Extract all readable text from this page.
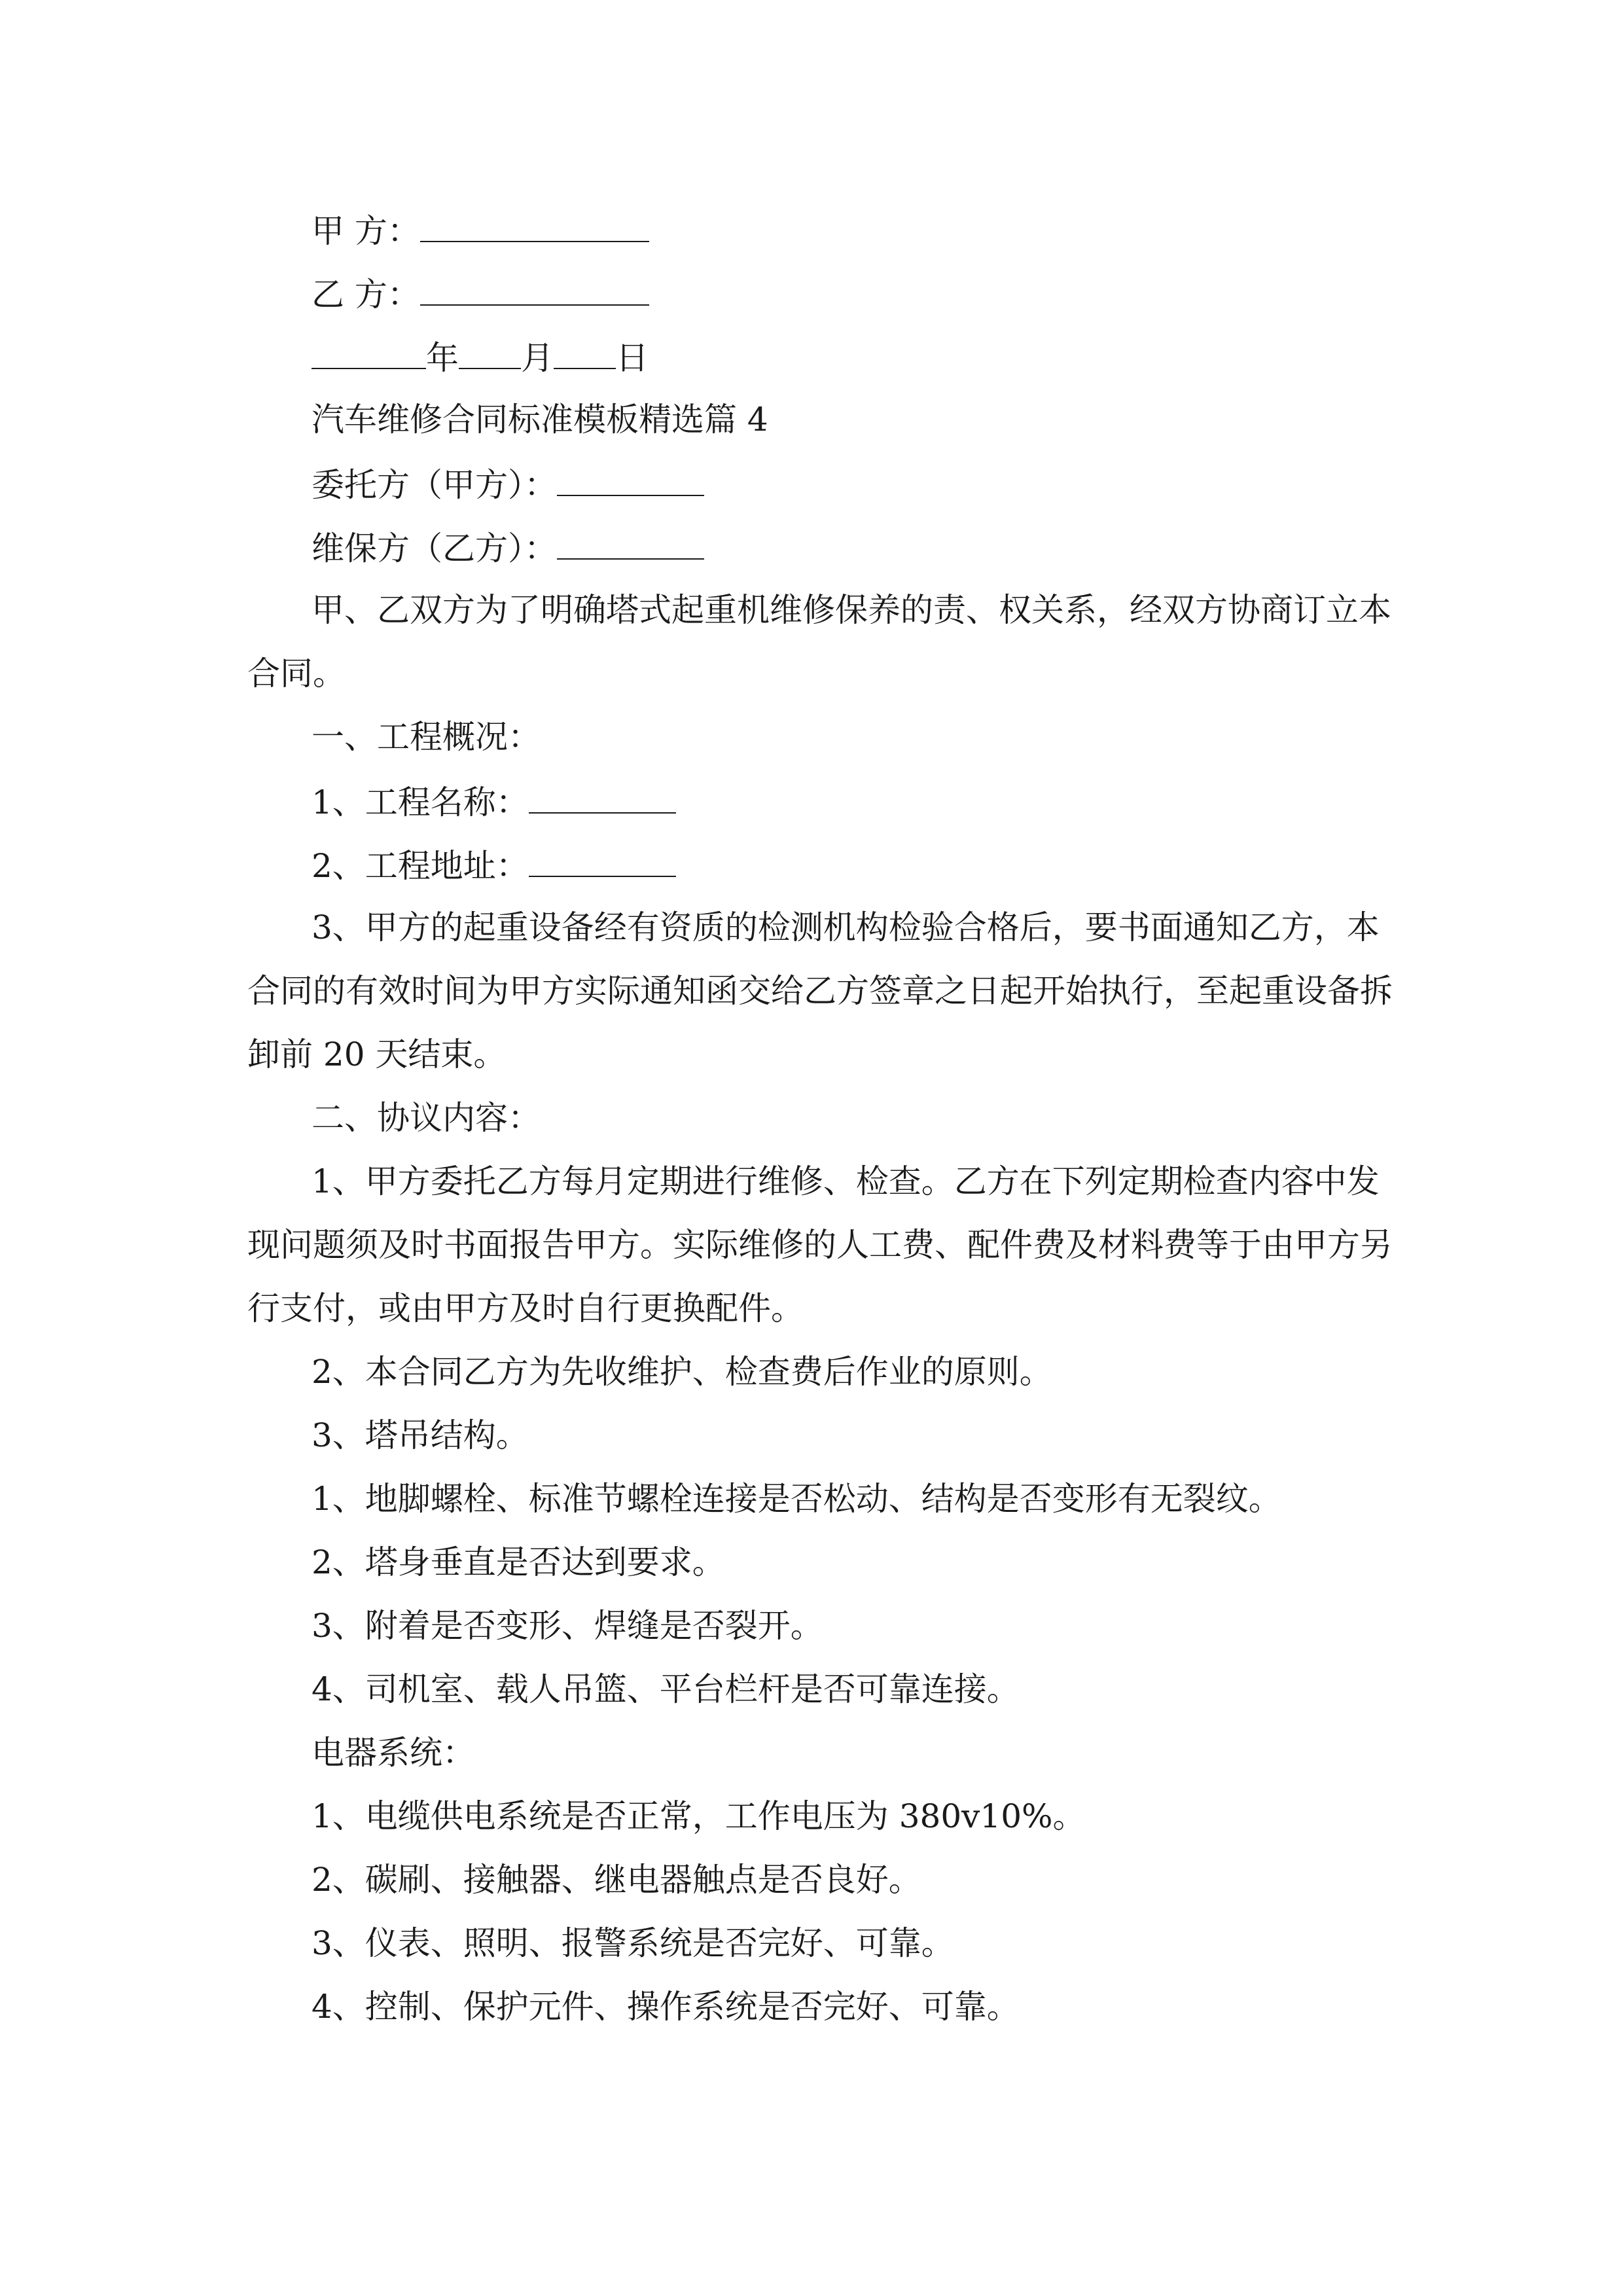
甲 方：
乙 方：
年 月 日
汽车维修合同标准模板精选篇 4
委托方（甲方）：
维保方（乙方）：
甲、乙双方为了明确塔式起重机维修保养的责、权关系，经双方协商订立本
合同。
一、工程概况：
1、工程名称：
2、工程地址：
3、甲方的起重设备经有资质的检测机构检验合格后，要书面通知乙方，本
合同的有效时间为甲方实际通知函交给乙方签章之日起开始执行，至起重设备拆
卸前 20 天结束。
二、协议内容：
1、甲方委托乙方每月定期进行维修、检查。乙方在下列定期检查内容中发
现问题须及时书面报告甲方。实际维修的人工费、配件费及材料费等于由甲方另
行支付，或由甲方及时自行更换配件。
2、本合同乙方为先收维护、检查费后作业的原则。
3、塔吊结构。
1、地脚螺栓、标准节螺栓连接是否松动、结构是否变形有无裂纹。
2、塔身垂直是否达到要求。
3、附着是否变形、焊缝是否裂开。
4、司机室、载人吊篮、平台栏杆是否可靠连接。
电器系统：
1、电缆供电系统是否正常，工作电压为 380v10%。
2、碳刷、接触器、继电器触点是否良好。
3、仪表、照明、报警系统是否完好、可靠。
4、控制、保护元件、操作系统是否完好、可靠。
